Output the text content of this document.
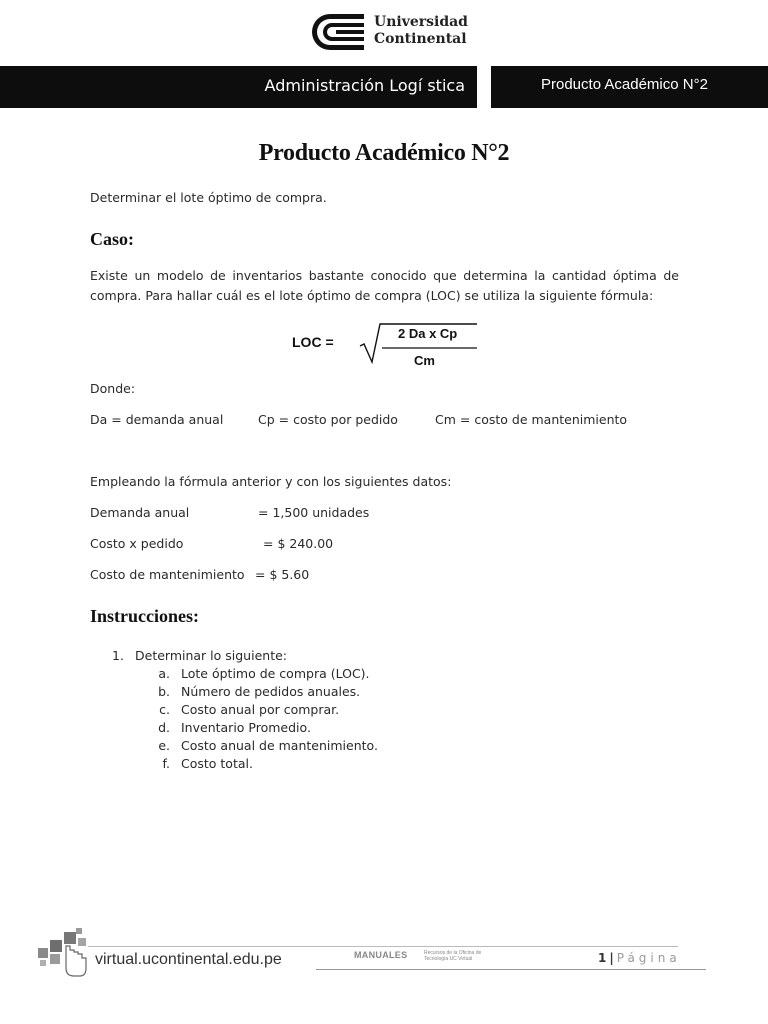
Universidad
Continental
Administración Logí stica	Producto Académico N°2
Producto Académico N°2
Determinar el lote óptimo de compra.
Caso:
Existe un modelo de inventarios bastante conocido que determina la cantidad óptima de compra. Para hallar cuál es el lote óptimo de compra (LOC) se utiliza la siguiente fórmula:
LOC =
2 Da x Cp
Cm
Donde:
Da = demanda anual	Cp = costo por pedido	Cm = costo de mantenimiento
Empleando la fórmula anterior y con los siguientes datos:
Demanda anual	= 1,500 unidades
Costo x pedido	= $ 240.00
Costo de mantenimiento = $ 5.60
Instrucciones:
1. Determinar lo siguiente:
a. Lote óptimo de compra (LOC).
b. Número de pedidos anuales.
c. Costo anual por comprar.
d. Inventario Promedio.
e. Costo anual de mantenimiento.
f. Costo total.
virtual.ucontinental.edu.pe	MANUALES	Recursos de la Oficina de Tecnología UC Virtual	1 | Página
